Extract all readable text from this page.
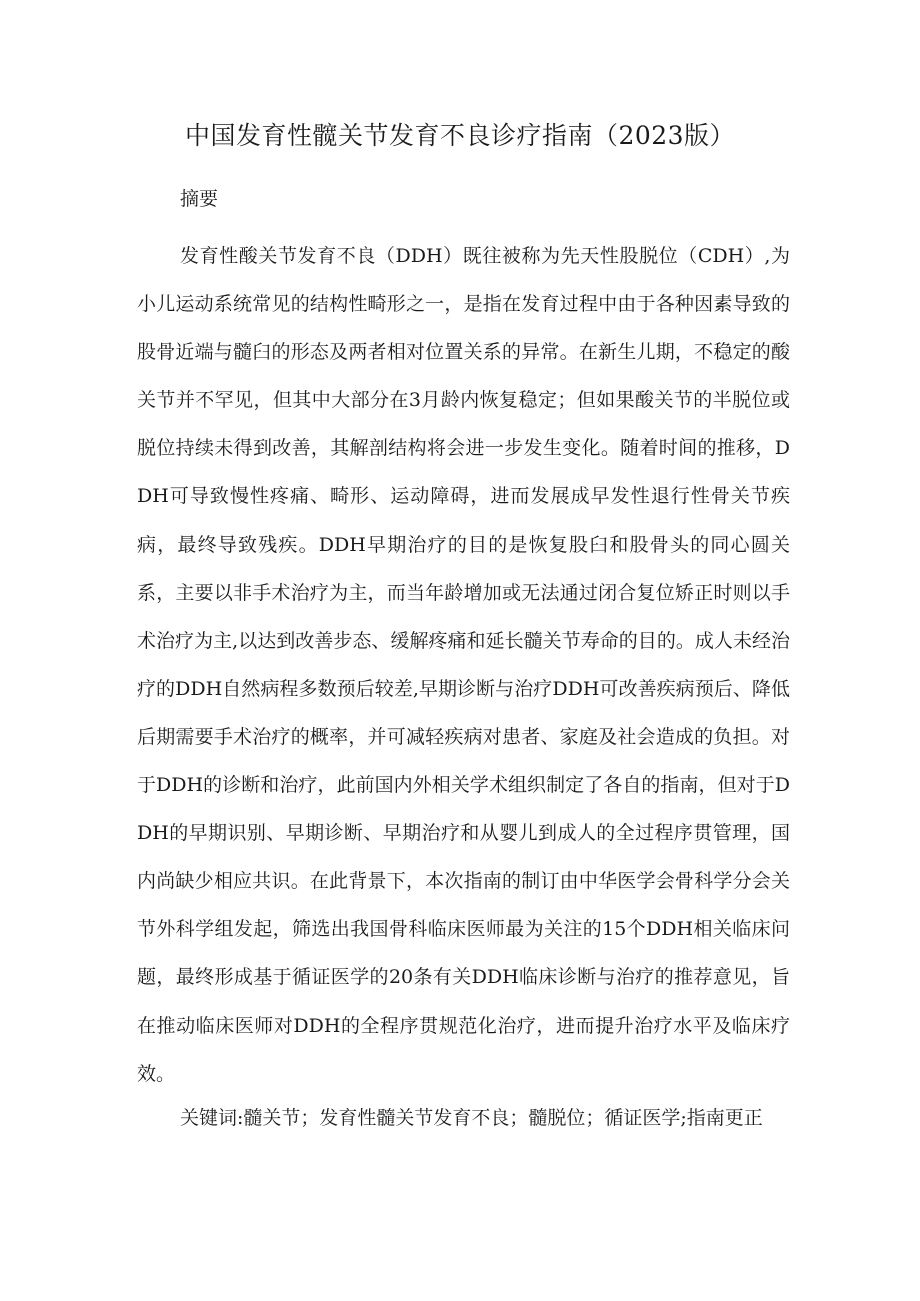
中国发育性髋关节发育不良诊疗指南（2023版）
摘要

发育性酸关节发育不良（DDH）既往被称为先天性股脱位（CDH）,为小儿运动系统常见的结构性畸形之一，是指在发育过程中由于各种因素导致的股骨近端与髓臼的形态及两者相对位置关系的异常。在新生儿期，不稳定的酸关节并不罕见，但其中大部分在3月龄内恢复稳定；但如果酸关节的半脱位或脱位持续未得到改善，其解剖结构将会进一步发生变化。随着时间的推移，DDH可导致慢性疼痛、畸形、运动障碍，进而发展成早发性退行性骨关节疾病，最终导致残疾。DDH早期治疗的目的是恢复股臼和股骨头的同心圆关系，主要以非手术治疗为主，而当年龄增加或无法通过闭合复位矫正时则以手术治疗为主,以达到改善步态、缓解疼痛和延长髓关节寿命的目的。成人未经治疗的DDH自然病程多数预后较差,早期诊断与治疗DDH可改善疾病预后、降低后期需要手术治疗的概率，并可减轻疾病对患者、家庭及社会造成的负担。对于DDH的诊断和治疗，此前国内外相关学术组织制定了各自的指南，但对于DDH的早期识别、早期诊断、早期治疗和从婴儿到成人的全过程序贯管理，国内尚缺少相应共识。在此背景下，本次指南的制订由中华医学会骨科学分会关节外科学组发起，筛选出我国骨科临床医师最为关注的15个DDH相关临床问题，最终形成基于循证医学的20条有关DDH临床诊断与治疗的推荐意见，旨在推动临床医师对DDH的全程序贯规范化治疗，进而提升治疗水平及临床疗效。

关键词:髓关节；发育性髓关节发育不良；髓脱位；循证医学;指南更正
